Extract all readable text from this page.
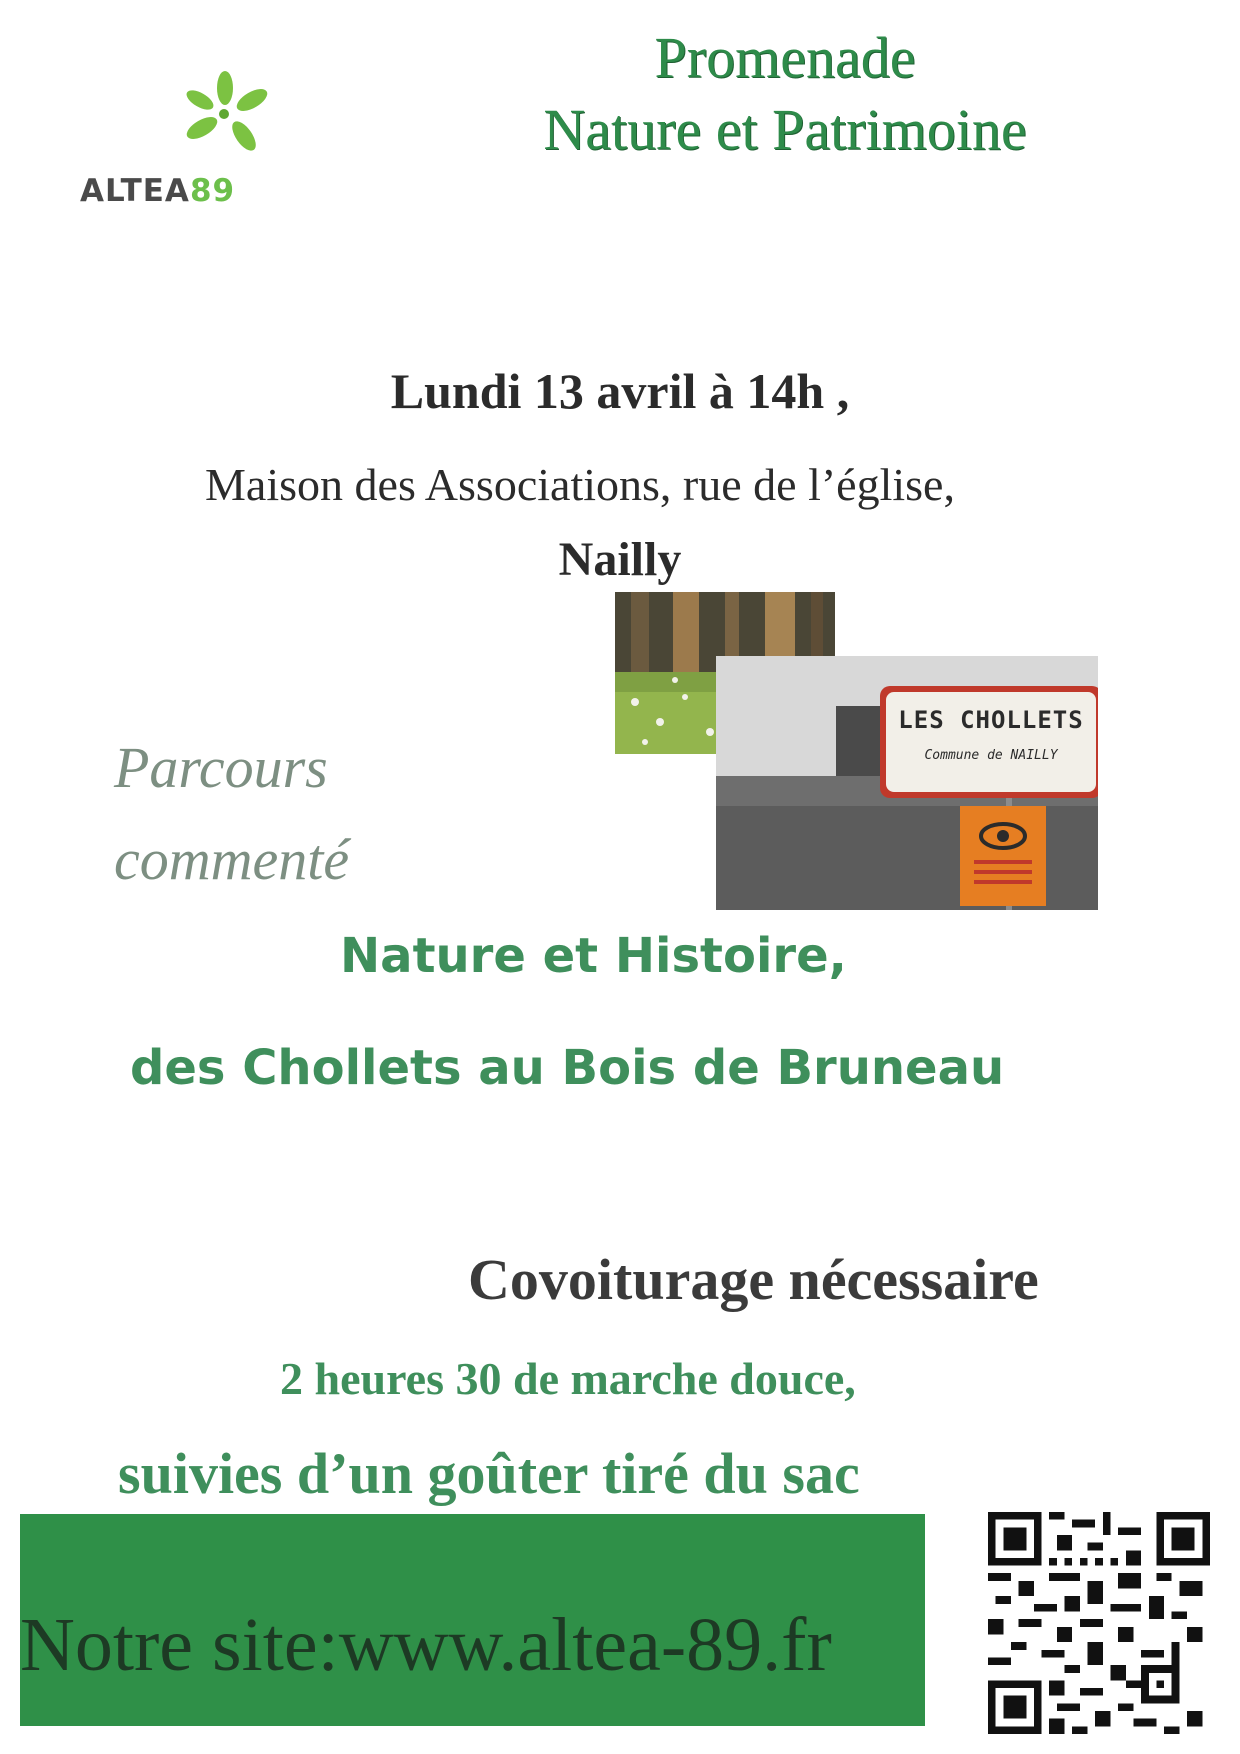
ALTEA89
Promenade
Nature et Patrimoine
Lundi 13 avril à 14h ,
Maison des Associations, rue de l’église,
Nailly
LES CHOLLETS
Commune de NAILLY
Parcours
commenté
Nature et Histoire,
des Chollets au Bois de Bruneau
Covoiturage nécessaire
2 heures 30 de marche douce,
suivies d’un goûter tiré du sac
Notre site:www.altea-89.fr
